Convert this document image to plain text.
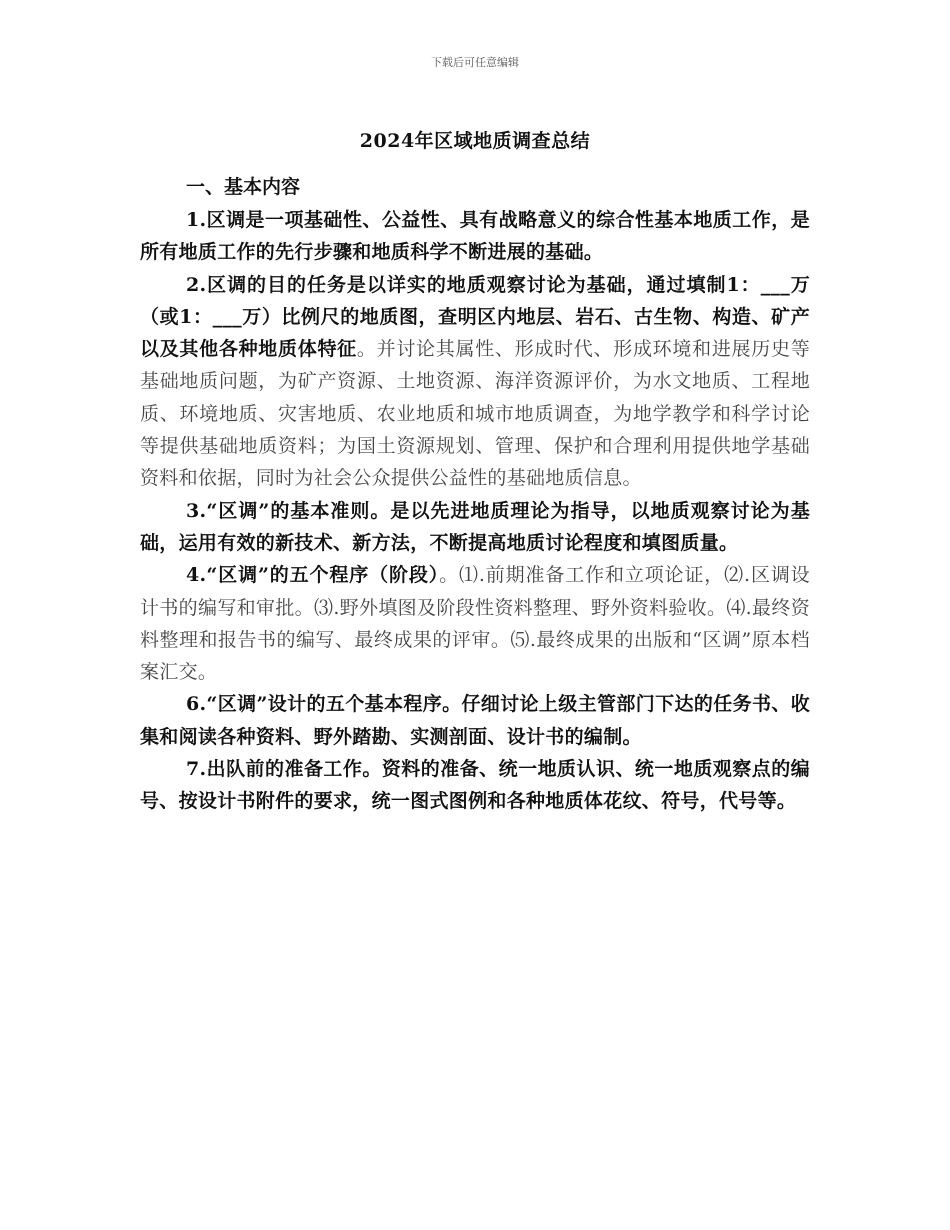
下载后可任意编辑
2024年区域地质调查总结

一、基本内容

1.区调是一项基础性、公益性、具有战略意义的综合性基本地质工作，是所有地质工作的先行步骤和地质科学不断进展的基础。

2.区调的目的任务是以详实的地质观察讨论为基础，通过填制1：___万（或1：___万）比例尺的地质图，查明区内地层、岩石、古生物、构造、矿产以及其他各种地质体特征。并讨论其属性、形成时代、形成环境和进展历史等基础地质问题，为矿产资源、土地资源、海洋资源评价，为水文地质、工程地质、环境地质、灾害地质、农业地质和城市地质调查，为地学教学和科学讨论等提供基础地质资料；为国土资源规划、管理、保护和合理利用提供地学基础资料和依据，同时为社会公众提供公益性的基础地质信息。

3.“区调”的基本准则。是以先进地质理论为指导，以地质观察讨论为基础，运用有效的新技术、新方法，不断提高地质讨论程度和填图质量。

4.“区调”的五个程序（阶段）。⑴.前期准备工作和立项论证，⑵.区调设计书的编写和审批。⑶.野外填图及阶段性资料整理、野外资料验收。⑷.最终资料整理和报告书的编写、最终成果的评审。⑸.最终成果的出版和“区调”原本档案汇交。

6.“区调”设计的五个基本程序。仔细讨论上级主管部门下达的任务书、收集和阅读各种资料、野外踏勘、实测剖面、设计书的编制。

7.出队前的准备工作。资料的准备、统一地质认识、统一地质观察点的编号、按设计书附件的要求，统一图式图例和各种地质体花纹、符号，代号等。
